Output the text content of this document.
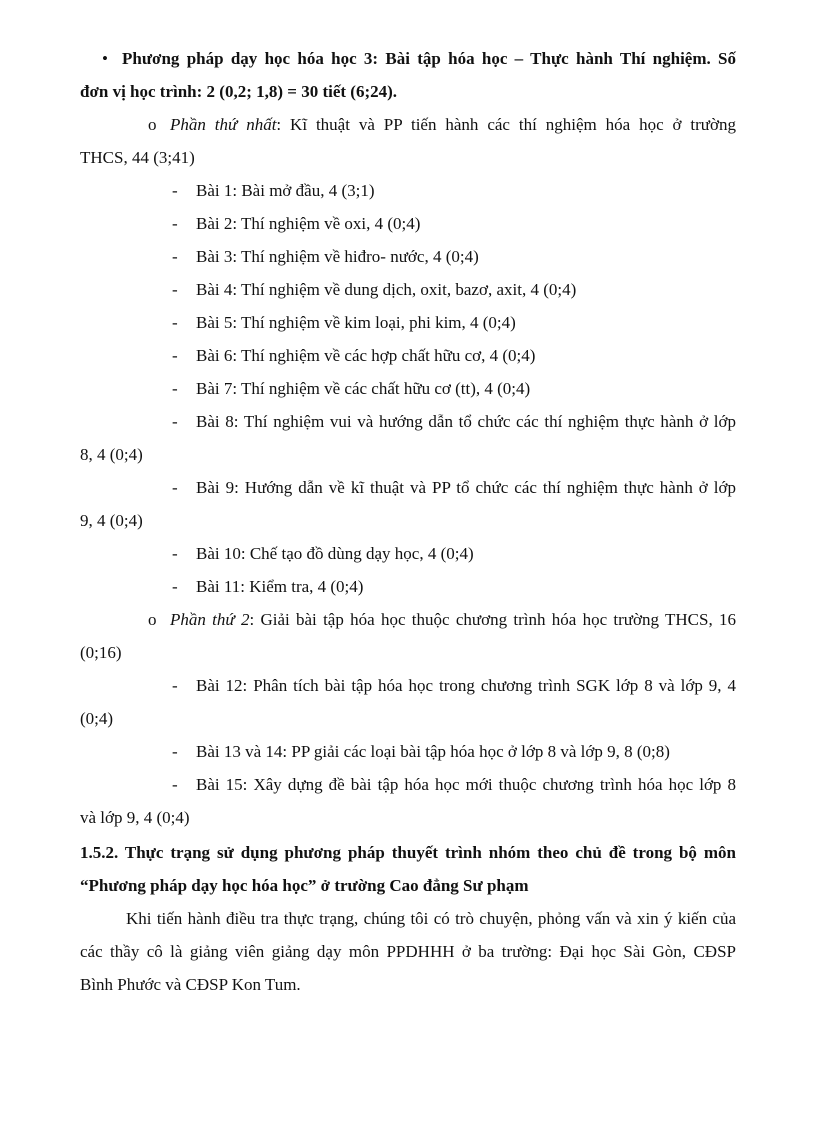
• Phương pháp dạy học hóa học 3: Bài tập hóa học – Thực hành Thí nghiệm. Số

đơn vị học trình: 2 (0,2; 1,8) = 30 tiết (6;24).

o Phần thứ nhất: Kĩ thuật và PP tiến hành các thí nghiệm hóa học ở trường

THCS, 44 (3;41)

- Bài 1: Bài mở đầu, 4 (3;1)

- Bài 2: Thí nghiệm về oxi, 4 (0;4)

- Bài 3: Thí nghiệm về hiđro- nước, 4 (0;4)

- Bài 4: Thí nghiệm về dung dịch, oxit, bazơ, axit, 4 (0;4)

- Bài 5: Thí nghiệm về kim loại, phi kim, 4 (0;4)

- Bài 6: Thí nghiệm về các hợp chất hữu cơ, 4 (0;4)

- Bài 7: Thí nghiệm về các chất hữu cơ (tt), 4 (0;4)

- Bài 8: Thí nghiệm vui và hướng dẫn tổ chức các thí nghiệm thực hành ở lớp

8, 4 (0;4)

- Bài 9: Hướng dẫn về kĩ thuật và PP tổ chức các thí nghiệm thực hành ở lớp

9, 4 (0;4)

- Bài 10: Chế tạo đồ dùng dạy học, 4 (0;4)

- Bài 11: Kiểm tra, 4 (0;4)

o Phần thứ 2: Giải bài tập hóa học thuộc chương trình hóa học trường THCS, 16

(0;16)

- Bài 12: Phân tích bài tập hóa học trong chương trình SGK lớp 8 và lớp 9, 4

(0;4)

- Bài 13 và 14: PP giải các loại bài tập hóa học ở lớp 8 và lớp 9, 8 (0;8)

- Bài 15: Xây dựng đề bài tập hóa học mới thuộc chương trình hóa học lớp 8

và lớp 9, 4 (0;4)

1.5.2. Thực trạng sử dụng phương pháp thuyết trình nhóm theo chủ đề trong bộ môn

“Phương pháp dạy học hóa học” ở trường Cao đẳng Sư phạm

Khi tiến hành điều tra thực trạng, chúng tôi có trò chuyện, phỏng vấn và xin ý kiến của

các thầy cô là giảng viên giảng dạy môn PPDHHH ở ba trường: Đại học Sài Gòn, CĐSP

Bình Phước và CĐSP Kon Tum.
